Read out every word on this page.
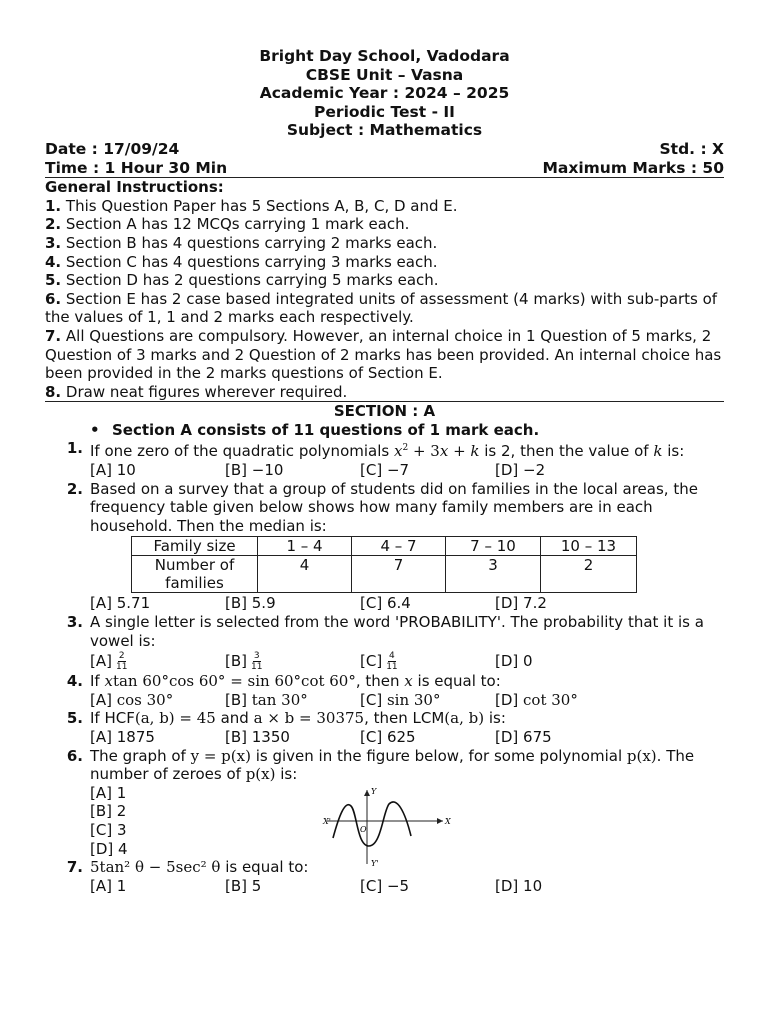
Bright Day School, Vadodara
CBSE Unit – Vasna
Academic Year : 2024 – 2025
Periodic Test - II
Subject : Mathematics
Date : 17/09/24	Std. : X
Time : 1 Hour 30 Min	Maximum Marks : 50

General Instructions:

1. This Question Paper has 5 Sections A, B, C, D and E.

2. Section A has 12 MCQs carrying 1 mark each.

3. Section B has 4 questions carrying 2 marks each.

4. Section C has 4 questions carrying 3 marks each.

5. Section D has 2 questions carrying 5 marks each.

6. Section E has 2 case based integrated units of assessment (4 marks) with sub-parts of the values of 1, 1 and 2 marks each respectively.

7. All Questions are compulsory. However, an internal choice in 1 Question of 5 marks, 2 Question of 3 marks and 2 Question of 2 marks has been provided. An internal choice has been provided in the 2 marks questions of Section E.

8. Draw neat figures wherever required.

SECTION : A
• Section A consists of 11 questions of 1 mark each.
1. If one zero of the quadratic polynomials $x^2 + 3x + k$ is 2, then the value of k is:
[A] 10	[B] −10	[C] −7	[D] −2
2. Based on a survey that a group of students did on families in the local areas, the frequency table given below shows how many family members are in each household. Then the median is:
Family size	1 – 4	4 – 7	7 – 10	10 – 13
Number of families	4	7	3	2
[A] 5.71	[B] 5.9	[C] 6.4	[D] 7.2
3. A single letter is selected from the word 'PROBABILITY'. The probability that it is a vowel is:
$[A] \frac{2}{11}$	$[B] \frac{3}{11}$	$[C] \frac{4}{11}$	[D] 0
4. If xtan 60°cos 60° = sin 60°cot 60°, then x is equal to:
[A] cos 30°	[B] tan 30°	[C] sin 30°	[D] cot 30°
5. If HCF(a, b) = 45 and a × b = 30375, then LCM(a, b) is:
[A] 1875	[B] 1350	[C] 625	[D] 675
6. The graph of y = p(x) is given in the figure below, for some polynomial p(x). The number of zeroes of p(x) is:
[A] 1
[B] 2
[C] 3
[D] 4
X'	X
Y
Y'
O
7. 5tan² θ − 5sec² θ is equal to:
[A] 1	[B] 5	[C] −5	[D] 10
